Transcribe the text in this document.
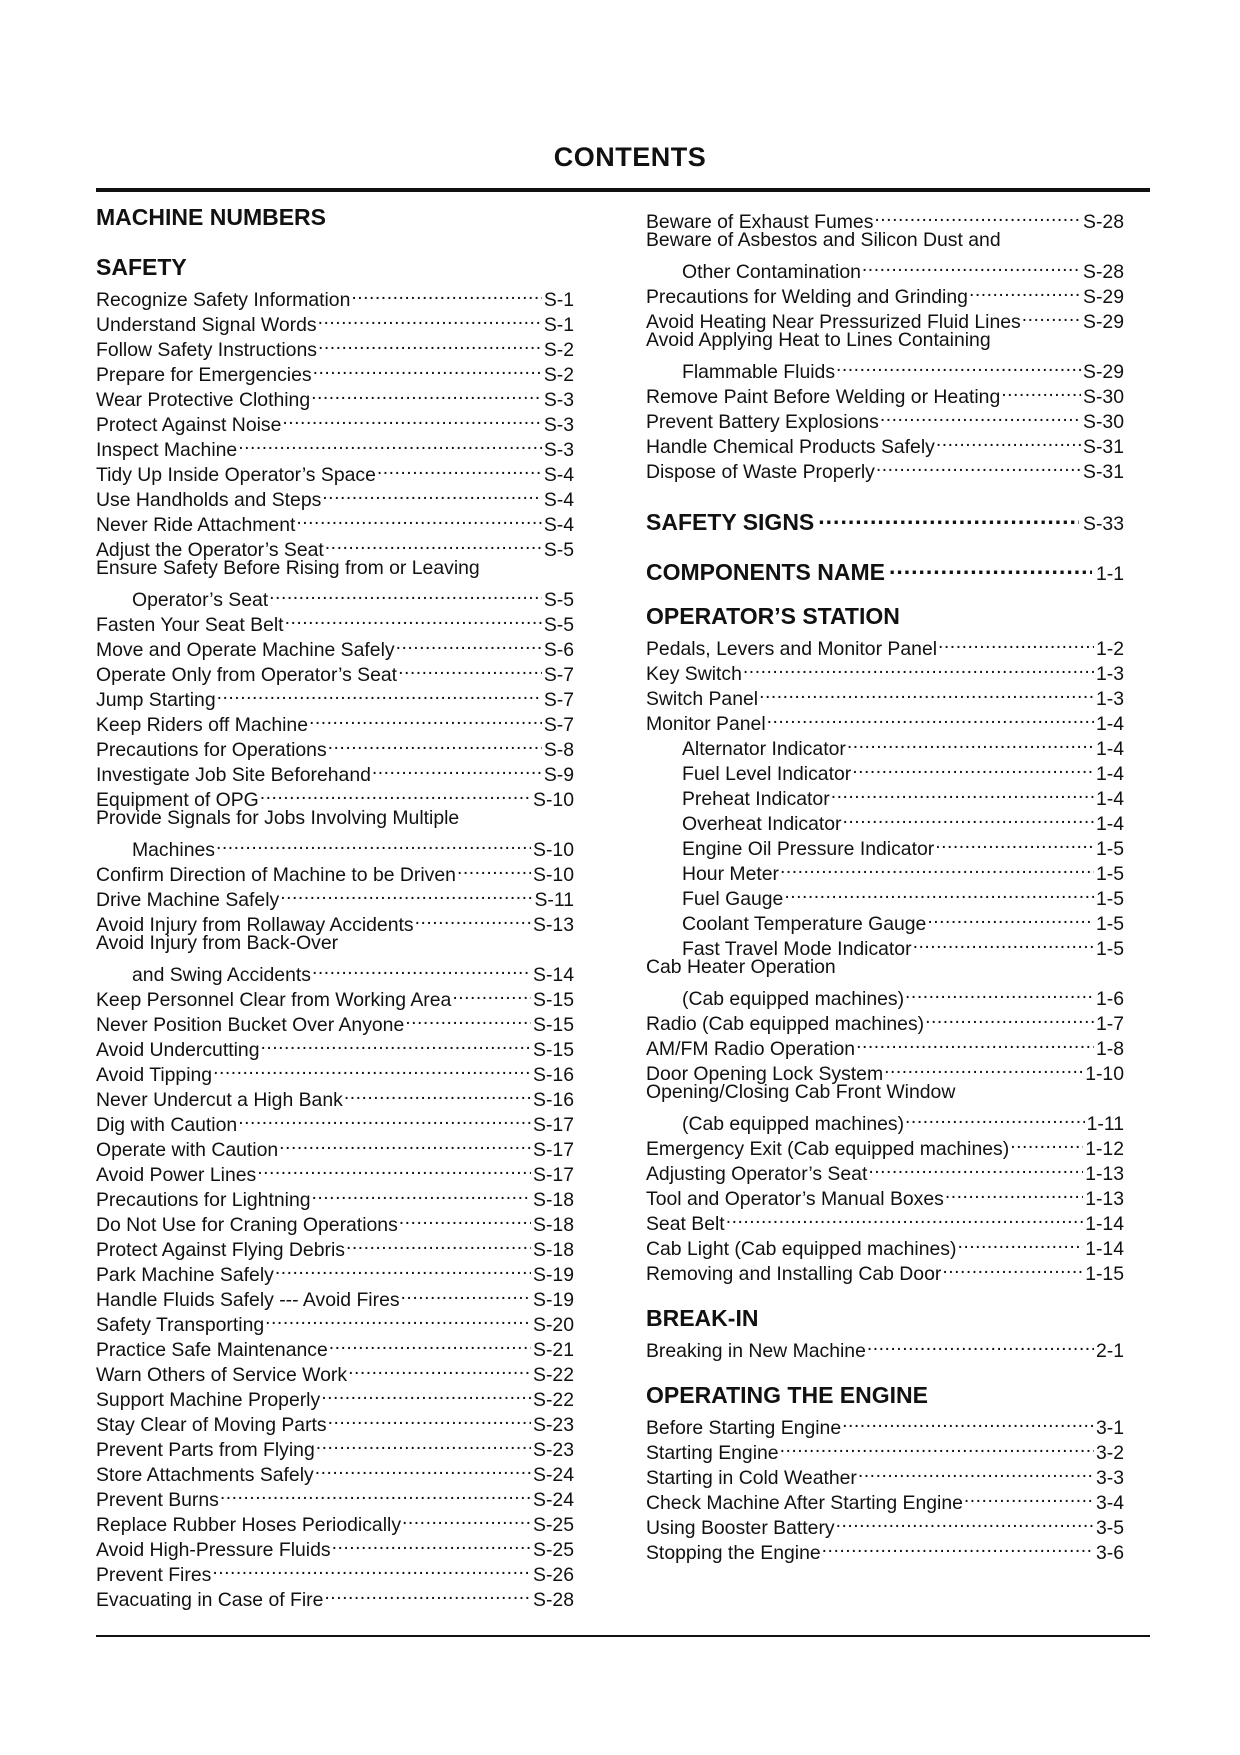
CONTENTS
MACHINE NUMBERS
SAFETY
Recognize Safety Information .....	S-1
Understand Signal Words .....	S-1
Follow Safety Instructions .....	S-2
Prepare for Emergencies .....	S-2
Wear Protective Clothing .....	S-3
Protect Against Noise .....	S-3
Inspect Machine .....	S-3
Tidy Up Inside Operator’s Space .....	S-4
Use Handholds and Steps .....	S-4
Never Ride Attachment .....	S-4
Adjust the Operator’s Seat .....	S-5
Ensure Safety Before Rising from or Leaving
Operator’s Seat .....	S-5
Fasten Your Seat Belt .....	S-5
Move and Operate Machine Safely .....	S-6
Operate Only from Operator’s Seat .....	S-7
Jump Starting .....	S-7
Keep Riders off Machine .....	S-7
Precautions for Operations .....	S-8
Investigate Job Site Beforehand .....	S-9
Equipment of OPG .....	S-10
Provide Signals for Jobs Involving Multiple
Machines .....	S-10
Confirm Direction of Machine to be Driven .....	S-10
Drive Machine Safely .....	S-11
Avoid Injury from Rollaway Accidents .....	S-13
Avoid Injury from Back-Over
and Swing Accidents .....	S-14
Keep Personnel Clear from Working Area .....	S-15
Never Position Bucket Over Anyone .....	S-15
Avoid Undercutting .....	S-15
Avoid Tipping .....	S-16
Never Undercut a High Bank .....	S-16
Dig with Caution .....	S-17
Operate with Caution .....	S-17
Avoid Power Lines .....	S-17
Precautions for Lightning .....	S-18
Do Not Use for Craning Operations .....	S-18
Protect Against Flying Debris .....	S-18
Park Machine Safely .....	S-19
Handle Fluids Safely --- Avoid Fires .....	S-19
Safety Transporting .....	S-20
Practice Safe Maintenance .....	S-21
Warn Others of Service Work .....	S-22
Support Machine Properly .....	S-22
Stay Clear of Moving Parts .....	S-23
Prevent Parts from Flying .....	S-23
Store Attachments Safely .....	S-24
Prevent Burns .....	S-24
Replace Rubber Hoses Periodically .....	S-25
Avoid High-Pressure Fluids .....	S-25
Prevent Fires .....	S-26
Evacuating in Case of Fire .....	S-28
Beware of Exhaust Fumes .....	S-28
Beware of Asbestos and Silicon Dust and
Other Contamination .....	S-28
Precautions for Welding and Grinding .....	S-29
Avoid Heating Near Pressurized Fluid Lines .....	S-29
Avoid Applying Heat to Lines Containing
Flammable Fluids .....	S-29
Remove Paint Before Welding or Heating .....	S-30
Prevent Battery Explosions .....	S-30
Handle Chemical Products Safely .....	S-31
Dispose of Waste Properly .....	S-31
SAFETY SIGNS .....	S-33
COMPONENTS NAME .....	1-1
OPERATOR’S STATION
Pedals, Levers and Monitor Panel .....	1-2
Key Switch .....	1-3
Switch Panel .....	1-3
Monitor Panel .....	1-4
Alternator Indicator .....	1-4
Fuel Level Indicator .....	1-4
Preheat Indicator .....	1-4
Overheat Indicator .....	1-4
Engine Oil Pressure Indicator .....	1-5
Hour Meter .....	1-5
Fuel Gauge .....	1-5
Coolant Temperature Gauge .....	1-5
Fast Travel Mode Indicator .....	1-5
Cab Heater Operation
(Cab equipped machines) .....	1-6
Radio (Cab equipped machines) .....	1-7
AM/FM Radio Operation .....	1-8
Door Opening Lock System .....	1-10
Opening/Closing Cab Front Window
(Cab equipped machines) .....	1-11
Emergency Exit (Cab equipped machines) .....	1-12
Adjusting Operator’s Seat .....	1-13
Tool and Operator’s Manual Boxes .....	1-13
Seat Belt .....	1-14
Cab Light (Cab equipped machines) .....	1-14
Removing and Installing Cab Door .....	1-15
BREAK-IN
Breaking in New Machine .....	2-1
OPERATING THE ENGINE
Before Starting Engine .....	3-1
Starting Engine .....	3-2
Starting in Cold Weather .....	3-3
Check Machine After Starting Engine .....	3-4
Using Booster Battery .....	3-5
Stopping the Engine .....	3-6
